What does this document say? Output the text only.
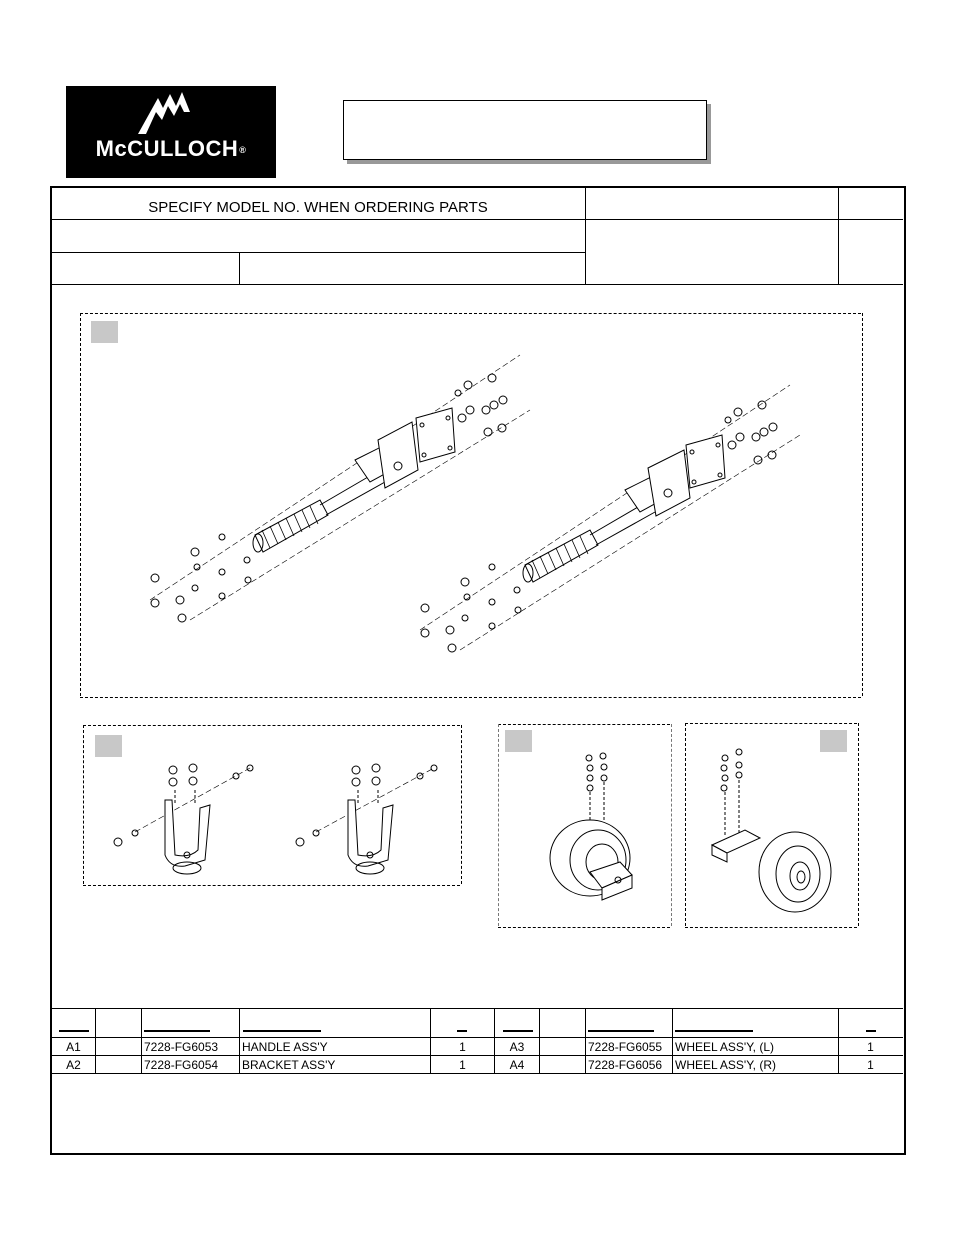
McCULLOCH®
SPECIFY MODEL NO. WHEN ORDERING PARTS
A1	7228-FG6053 HANDLE ASS'Y	1	A3	7228-FG6055 WHEEL ASS'Y, (L)	1
A2	7228-FG6054 BRACKET ASS'Y	1	A4	7228-FG6056 WHEEL ASS'Y, (R)	1
